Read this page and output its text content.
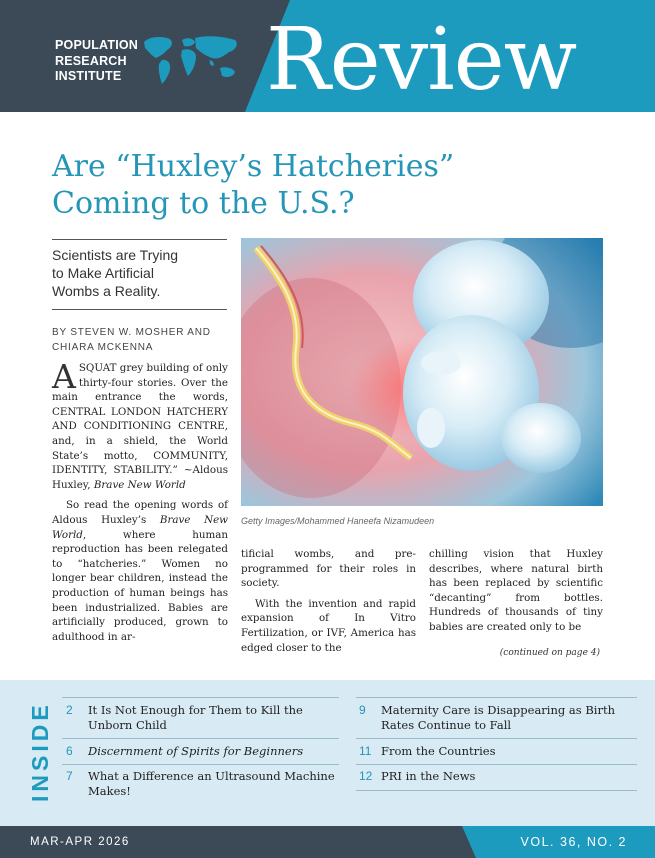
POPULATION
RESEARCH
INSTITUTE Review
Are “Huxley’s Hatcheries”
Coming to the U.S.?
Scientists are Trying
to Make Artificial
Wombs a Reality.
BY STEVEN W. MOSHER AND
CHIARA MCKENNA

A SQUAT grey building of only thirty-four stories. Over the main entrance the words, CENTRAL LONDON HATCHERY AND CONDITIONING CENTRE, and, in a shield, the World State’s motto, COMMUNITY, IDENTITY, STABILITY.” ~Aldous Huxley, Brave New World

So read the opening words of Aldous Huxley’s Brave New World, where human reproduction has been relegated to “hatcheries.” Women no longer bear children, instead the production of human beings has been industrialized. Babies are artificially produced, grown to adulthood in ar-

Getty Images/Mohammed Haneefa Nizamudeen

tificial wombs, and pre-programmed for their roles in society.

With the invention and rapid expansion of In Vitro Fertilization, or IVF, America has edged closer to the

chilling vision that Huxley describes, where natural birth has been replaced by scientific “decanting” from bottles. Hundreds of thousands of tiny babies are created only to be

(continued on page 4)
INSIDE 2	It Is Not Enough for Them to Kill the Unborn Child
6	Discernment of Spirits for Beginners
7	What a Difference an Ultrasound Machine Makes!
9	Maternity Care is Disappearing as Birth Rates Continue to Fall
11 From the Countries
12 PRI in the News
MAR-APR 2026	VOL. 36, NO. 2
